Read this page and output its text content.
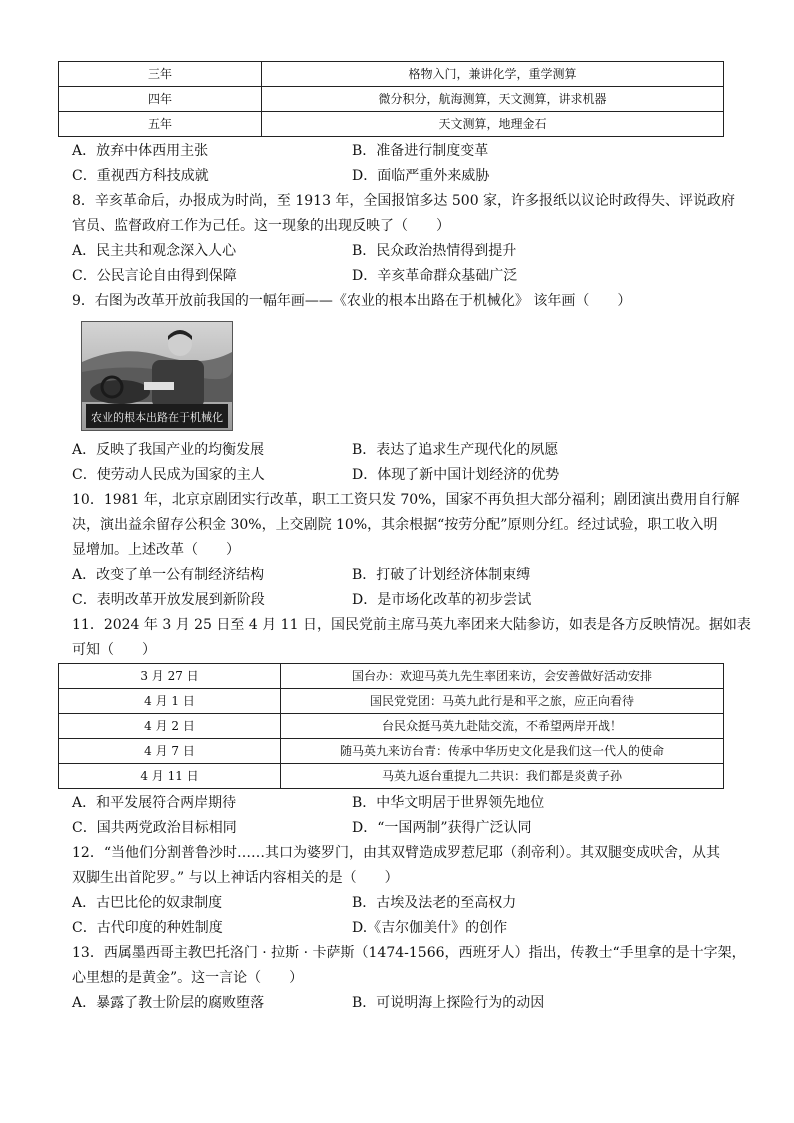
三年	格物入门，兼讲化学，重学测算
四年	微分积分，航海测算，天文测算，讲求机器
五年	天文测算，地理金石
A．放弃中体西用主张	B．准备进行制度变革
C．重视西方科技成就	D．面临严重外来威胁
8．辛亥革命后，办报成为时尚，至 1913 年，全国报馆多达 500 家，许多报纸以议论时政得失、评说政府
官员、监督政府工作为己任。这一现象的出现反映了（　　）
A．民主共和观念深入人心	B．民众政治热情得到提升
C．公民言论自由得到保障	D．辛亥革命群众基础广泛
9．右图为改革开放前我国的一幅年画——《农业的根本出路在于机械化》 该年画（　　）
农业的根本出路在于机械化
A．反映了我国产业的均衡发展	B．表达了追求生产现代化的夙愿
C．使劳动人民成为国家的主人	D．体现了新中国计划经济的优势
10．1981 年，北京京剧团实行改革，职工工资只发 70%，国家不再负担大部分福利；剧团演出费用自行解
决，演出益余留存公积金 30%，上交剧院 10%，其余根据“按劳分配”原则分红。经过试验，职工收入明
显增加。上述改革（　　）
A．改变了单一公有制经济结构	B．打破了计划经济体制束缚
C．表明改革开放发展到新阶段	D．是市场化改革的初步尝试
11．2024 年 3 月 25 日至 4 月 11 日，国民党前主席马英九率团来大陆参访，如表是各方反映情况。据如表
可知（　　）
3 月 27 日	国台办：欢迎马英九先生率团来访，会安善做好活动安排
4 月 1 日	国民党党团：马英九此行是和平之旅，应正向看待
4 月 2 日	台民众挺马英九赴陆交流，不希望两岸开战！
4 月 7 日	随马英九来访台青：传承中华历史文化是我们这一代人的使命
4 月 11 日	马英九返台重提九二共识：我们都是炎黄子孙
A．和平发展符合两岸期待	B．中华文明居于世界领先地位
C．国共两党政治目标相同	D．“一国两制”获得广泛认同
12．“当他们分割普鲁沙时……其口为婆罗门，由其双臂造成罗惹尼耶（刹帝利）。其双腿变成吠舍，从其
双脚生出首陀罗。” 与以上神话内容相关的是（　　）
A．古巴比伦的奴隶制度	B．古埃及法老的至高权力
C．古代印度的种姓制度	D.《吉尔伽美什》的创作
13．西属墨西哥主教巴托洛门 · 拉斯 · 卡萨斯（1474-1566，西班牙人）指出，传教士“手里拿的是十字架，
心里想的是黄金”。这一言论（　　）
A．暴露了教士阶层的腐败堕落	B．可说明海上探险行为的动因
